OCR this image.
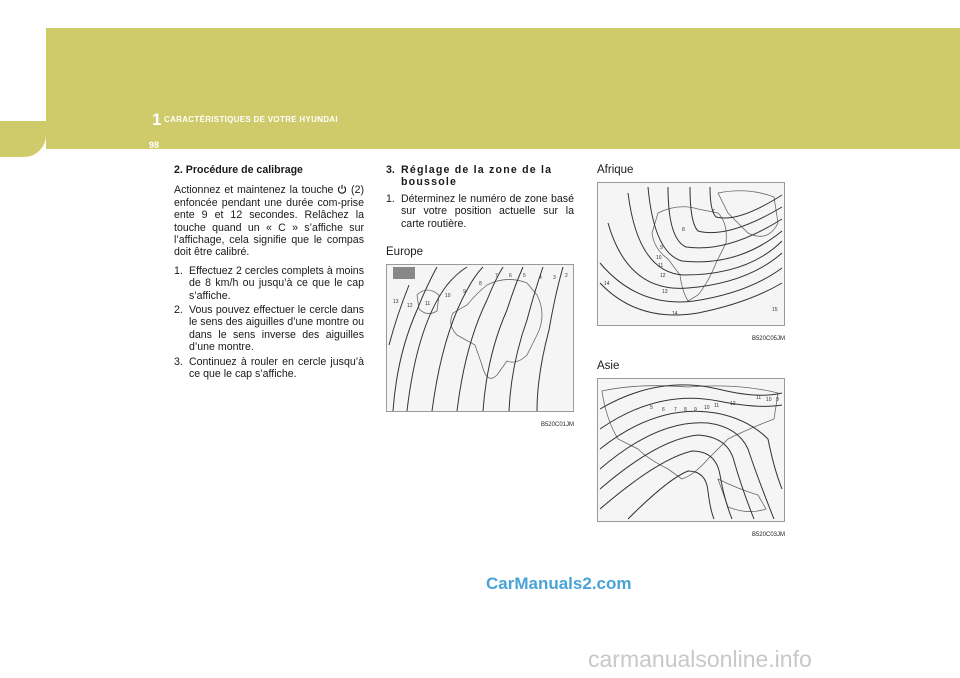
1 CARACTÉRISTIQUES DE VOTRE HYUNDAI
98
2. Procédure de calibrage

Actionnez et maintenez la touche (2) enfoncée pendant une durée com-prise ente 9 et 12 secondes. Relâchez la touche quand un « C » s’affiche sur l’affichage, cela signifie que le compas doit être calibré.

1. Effectuez 2 cercles complets à moins de 8 km/h ou jusqu’à ce que le cap s’affiche.
2. Vous pouvez effectuer le cercle dans le sens des aiguilles d’une montre ou dans le sens inverse des aiguilles d’une montre.
3. Continuez à rouler en cercle jusqu’à ce que le cap s’affiche.
3. Réglage de la zone de la boussole
1. Déterminez le numéro de zone basé sur votre position actuelle sur la carte routière.
Europe
13
12 11
10
9
8
7 6 5	4 3 2
B520C01JM
Afrique
14
10
11
12
13
14
8
7
9
15
B520C05JM
Asie
5 6 7 8 9 10 11 12
11 10 9
B520C03JM
CarManuals2.com
carmanualsonline.info
